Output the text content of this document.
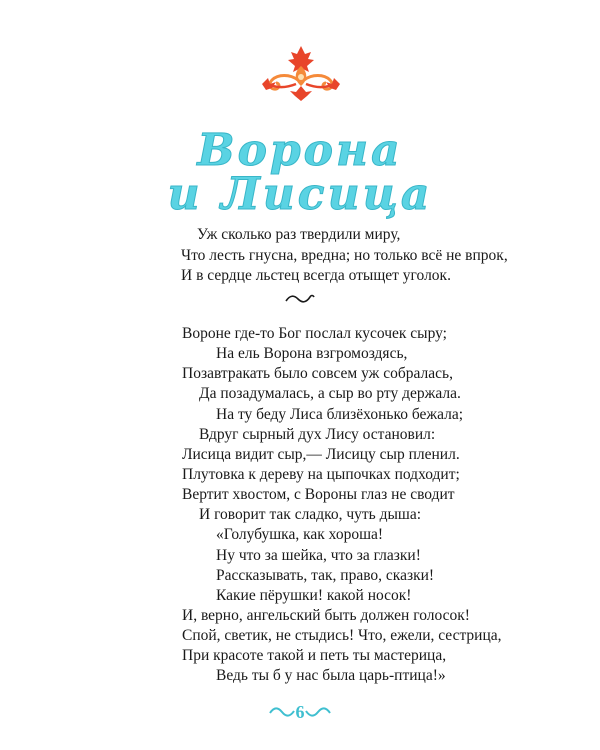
Ворона
и Лисица
Уж сколько раз твердили миру,
Что лесть гнусна, вредна; но только всё не впрок,
И в сердце льстец всегда отыщет уголок.
Вороне где-то Бог послал кусочек сыру;
На ель Ворона взгромоздясь,
Позавтракать было совсем уж собралась,
Да позадумалась, а сыр во рту держала.
На ту беду Лиса близёхонько бежала;
Вдруг сырный дух Лису остановил:
Лисица видит сыр,— Лисицу сыр пленил.
Плутовка к дереву на цыпочках подходит;
Вертит хвостом, с Вороны глаз не сводит
И говорит так сладко, чуть дыша:
«Голубушка, как хороша!
Ну что за шейка, что за глазки!
Рассказывать, так, право, сказки!
Какие пёрушки! какой носок!
И, верно, ангельский быть должен голосок!
Спой, светик, не стыдись! Что, ежели, сестрица,
При красоте такой и петь ты мастерица,
Ведь ты б у нас была царь-птица!»
6
